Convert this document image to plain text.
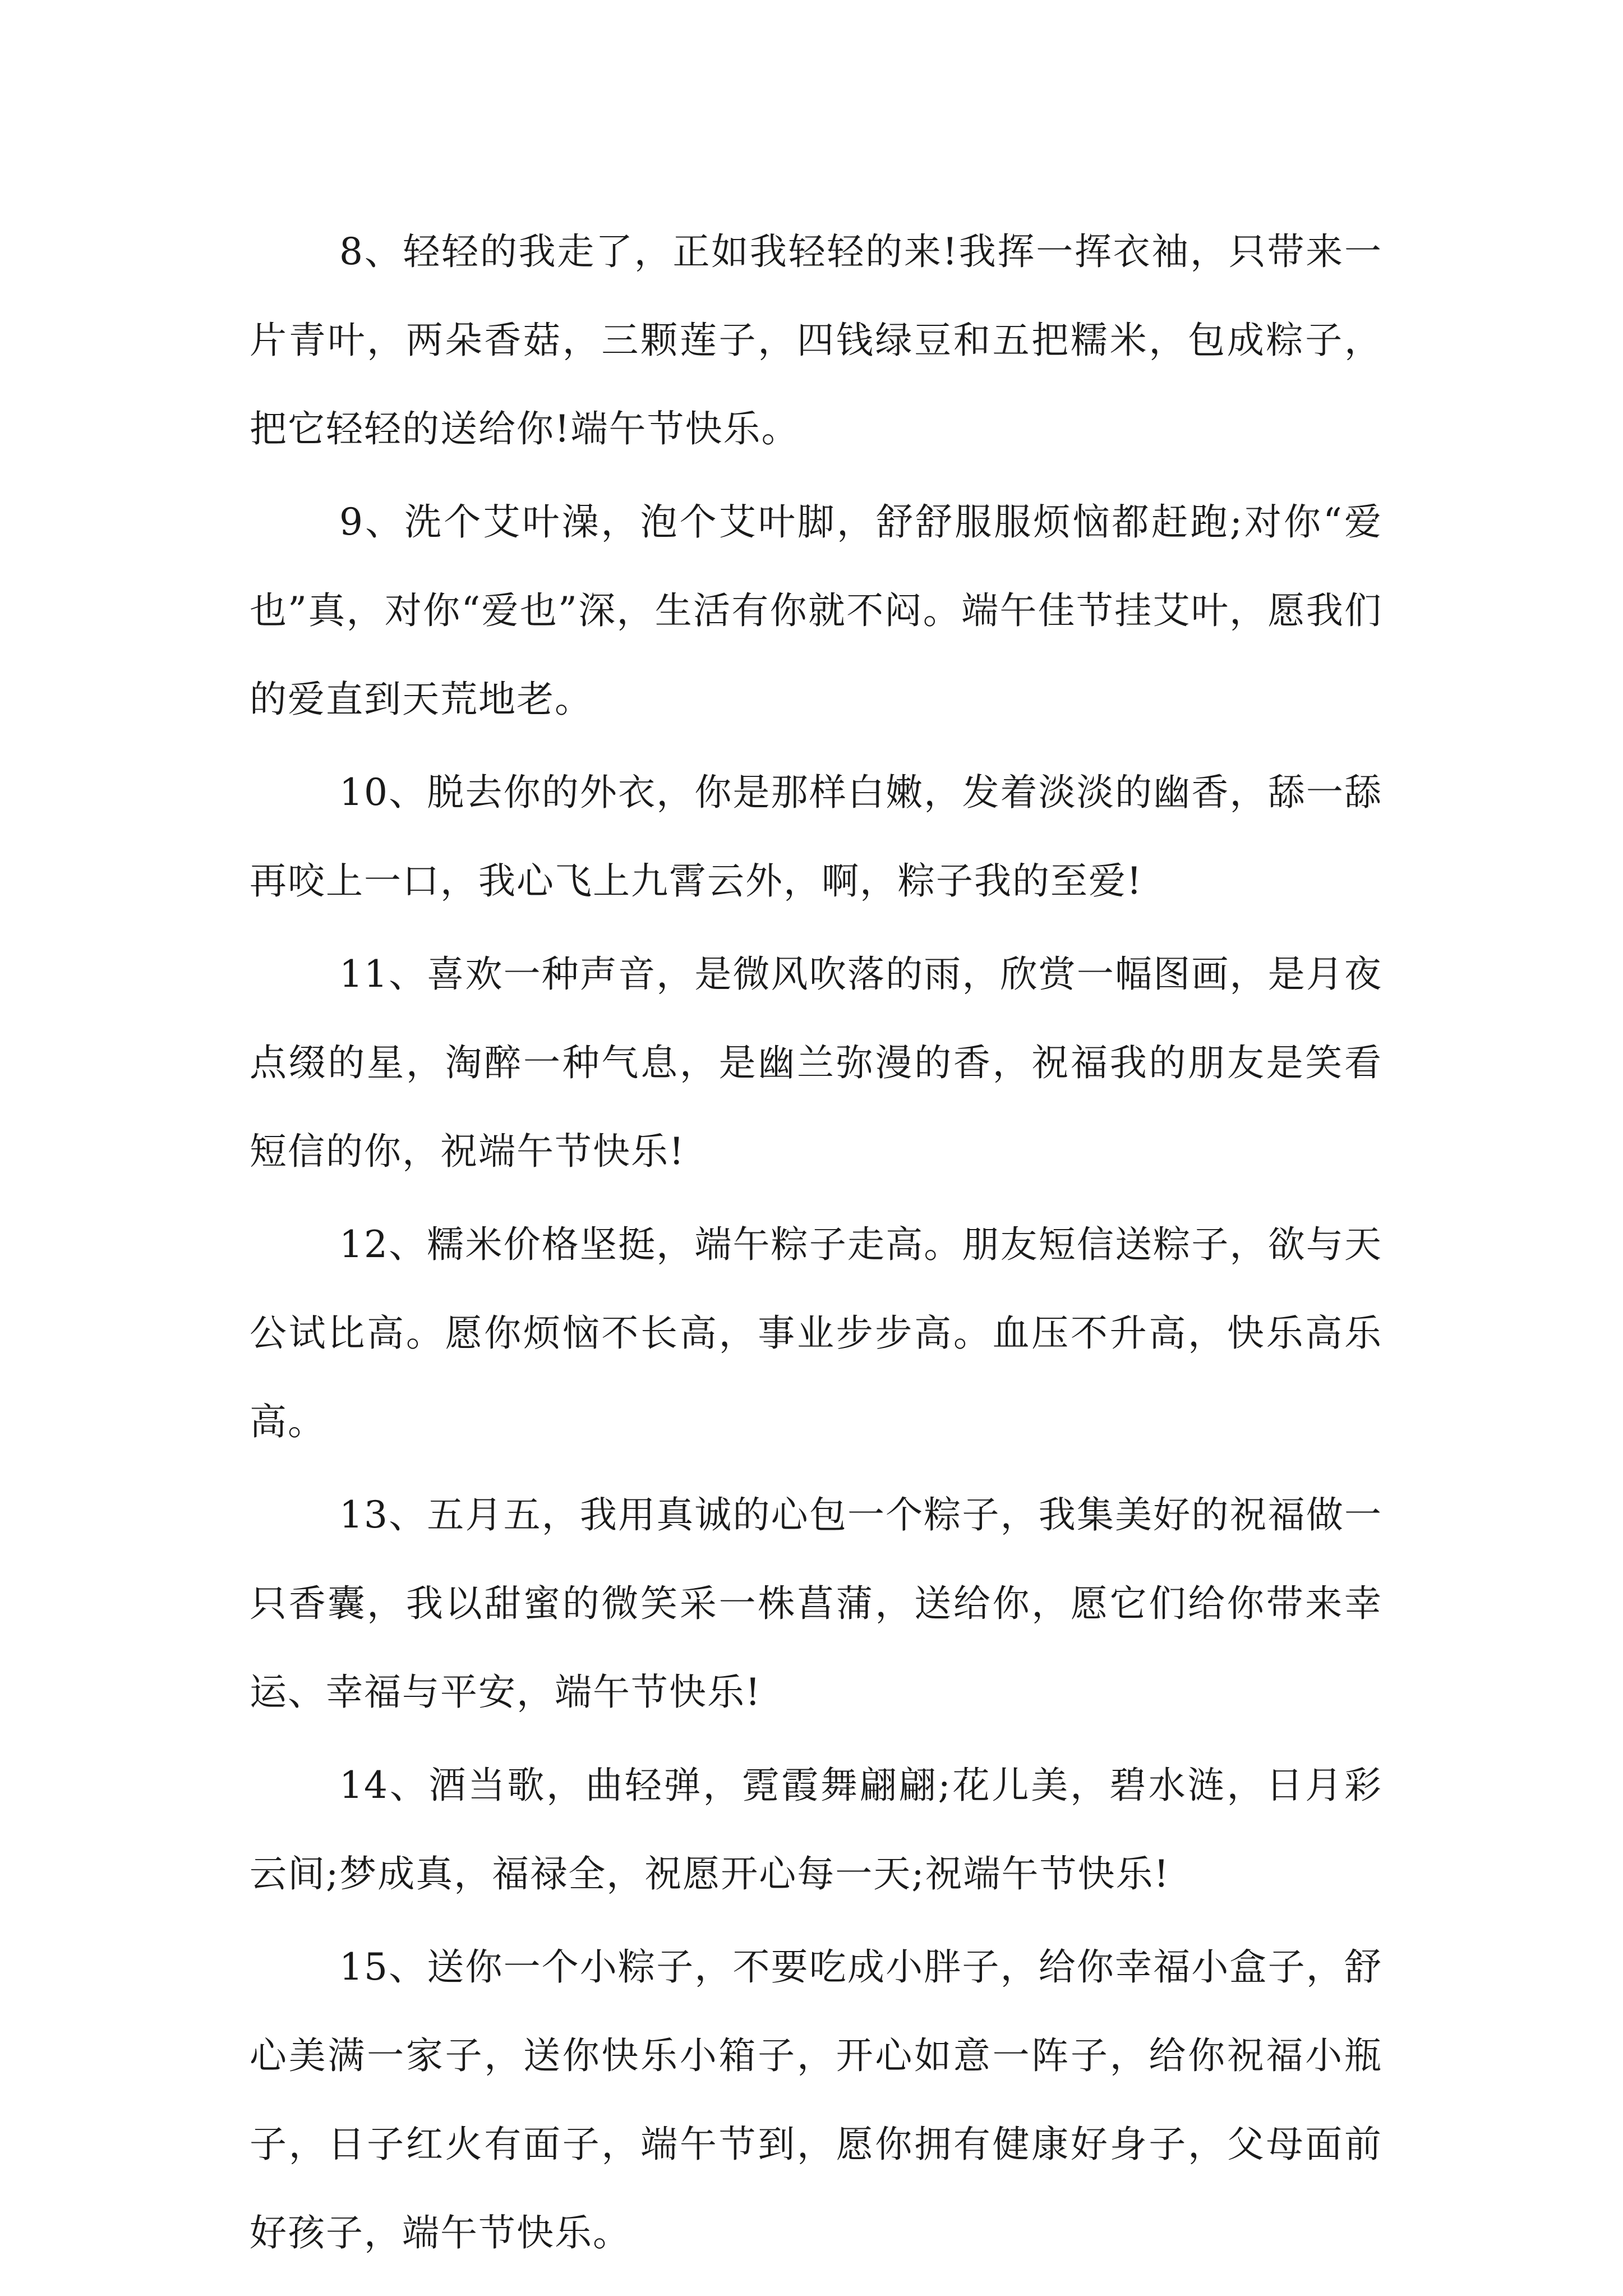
8、轻轻的我走了，正如我轻轻的来!我挥一挥衣袖，只带来一片青叶，两朵香菇，三颗莲子，四钱绿豆和五把糯米，包成粽子，把它轻轻的送给你!端午节快乐。

9、洗个艾叶澡，泡个艾叶脚，舒舒服服烦恼都赶跑;对你“爱也”真，对你“爱也”深，生活有你就不闷。端午佳节挂艾叶，愿我们的爱直到天荒地老。

10、脱去你的外衣，你是那样白嫩，发着淡淡的幽香，舔一舔再咬上一口，我心飞上九霄云外，啊，粽子我的至爱!

11、喜欢一种声音，是微风吹落的雨，欣赏一幅图画，是月夜点缀的星，淘醉一种气息，是幽兰弥漫的香，祝福我的朋友是笑看短信的你，祝端午节快乐!

12、糯米价格坚挺，端午粽子走高。朋友短信送粽子，欲与天公试比高。愿你烦恼不长高，事业步步高。血压不升高，快乐高乐高。

13、五月五，我用真诚的心包一个粽子，我集美好的祝福做一只香囊，我以甜蜜的微笑采一株菖蒲，送给你，愿它们给你带来幸运、幸福与平安，端午节快乐!

14、酒当歌，曲轻弹，霓霞舞翩翩;花儿美，碧水涟，日月彩云间;梦成真，福禄全，祝愿开心每一天;祝端午节快乐!

15、送你一个小粽子，不要吃成小胖子，给你幸福小盒子，舒心美满一家子，送你快乐小箱子，开心如意一阵子，给你祝福小瓶子，日子红火有面子，端午节到，愿你拥有健康好身子，父母面前好孩子，端午节快乐。
